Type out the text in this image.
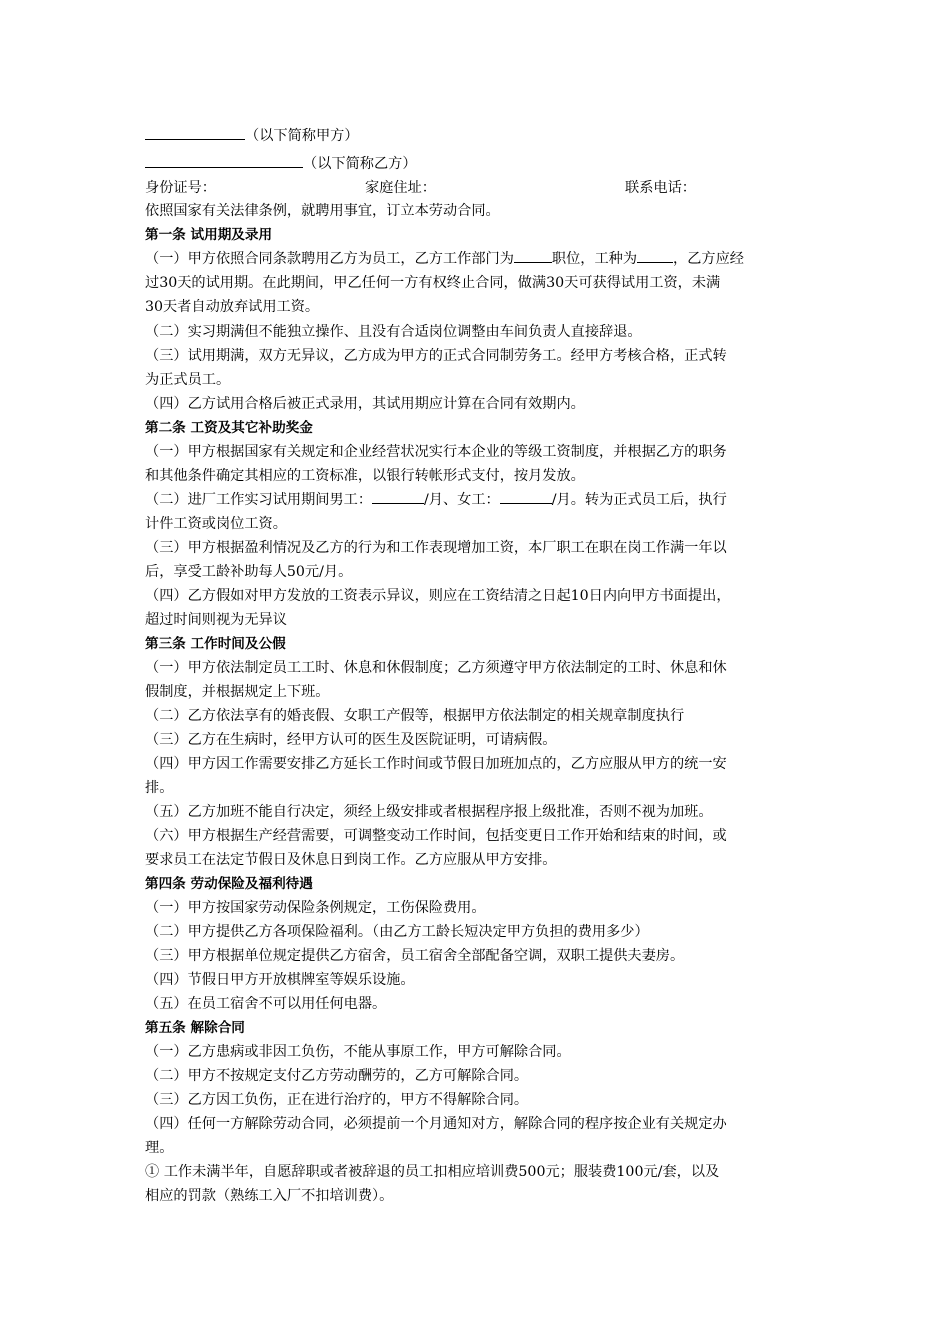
（以下简称甲方）
（以下简称乙方）
身份证号：	家庭住址：	联系电话：
依照国家有关法律条例，就聘用事宜，订立本劳动合同。
第一条 试用期及录用
（一）甲方依照合同条款聘用乙方为员工，乙方工作部门为	职位，工种为	，乙方应经
过30天的试用期。在此期间，甲乙任何一方有权终止合同，做满30天可获得试用工资，未满
30天者自动放弃试用工资。
（二）实习期满但不能独立操作、且没有合适岗位调整由车间负责人直接辞退。
（三）试用期满，双方无异议，乙方成为甲方的正式合同制劳务工。经甲方考核合格，正式转
为正式员工。
（四）乙方试用合格后被正式录用，其试用期应计算在合同有效期内。
第二条 工资及其它补助奖金
（一）甲方根据国家有关规定和企业经营状况实行本企业的等级工资制度，并根据乙方的职务
和其他条件确定其相应的工资标准，以银行转帐形式支付，按月发放。
（二）进厂工作实习试用期间男工：	/月、女工：	/月。转为正式员工后，执行
计件工资或岗位工资。
（三）甲方根据盈利情况及乙方的行为和工作表现增加工资，本厂职工在职在岗工作满一年以
后，享受工龄补助每人50元/月。
（四）乙方假如对甲方发放的工资表示异议，则应在工资结清之日起10日内向甲方书面提出，
超过时间则视为无异议
第三条 工作时间及公假
（一）甲方依法制定员工工时、休息和休假制度；乙方须遵守甲方依法制定的工时、休息和休
假制度，并根据规定上下班。
（二）乙方依法享有的婚丧假、女职工产假等，根据甲方依法制定的相关规章制度执行
（三）乙方在生病时，经甲方认可的医生及医院证明，可请病假。
（四）甲方因工作需要安排乙方延长工作时间或节假日加班加点的，乙方应服从甲方的统一安
排。
（五）乙方加班不能自行决定，须经上级安排或者根据程序报上级批准，否则不视为加班。
（六）甲方根据生产经营需要，可调整变动工作时间，包括变更日工作开始和结束的时间，或
要求员工在法定节假日及休息日到岗工作。乙方应服从甲方安排。
第四条 劳动保险及福利待遇
（一）甲方按国家劳动保险条例规定，工伤保险费用。
（二）甲方提供乙方各项保险福利。（由乙方工龄长短决定甲方负担的费用多少）
（三）甲方根据单位规定提供乙方宿舍，员工宿舍全部配备空调，双职工提供夫妻房。
（四）节假日甲方开放棋牌室等娱乐设施。
（五）在员工宿舍不可以用任何电器。
第五条 解除合同
（一）乙方患病或非因工负伤，不能从事原工作，甲方可解除合同。
（二）甲方不按规定支付乙方劳动酬劳的，乙方可解除合同。
（三）乙方因工负伤，正在进行治疗的，甲方不得解除合同。
（四）任何一方解除劳动合同，必须提前一个月通知对方，解除合同的程序按企业有关规定办
理。
① 工作未满半年，自愿辞职或者被辞退的员工扣相应培训费500元；服装费100元/套，以及
相应的罚款（熟练工入厂不扣培训费）。
